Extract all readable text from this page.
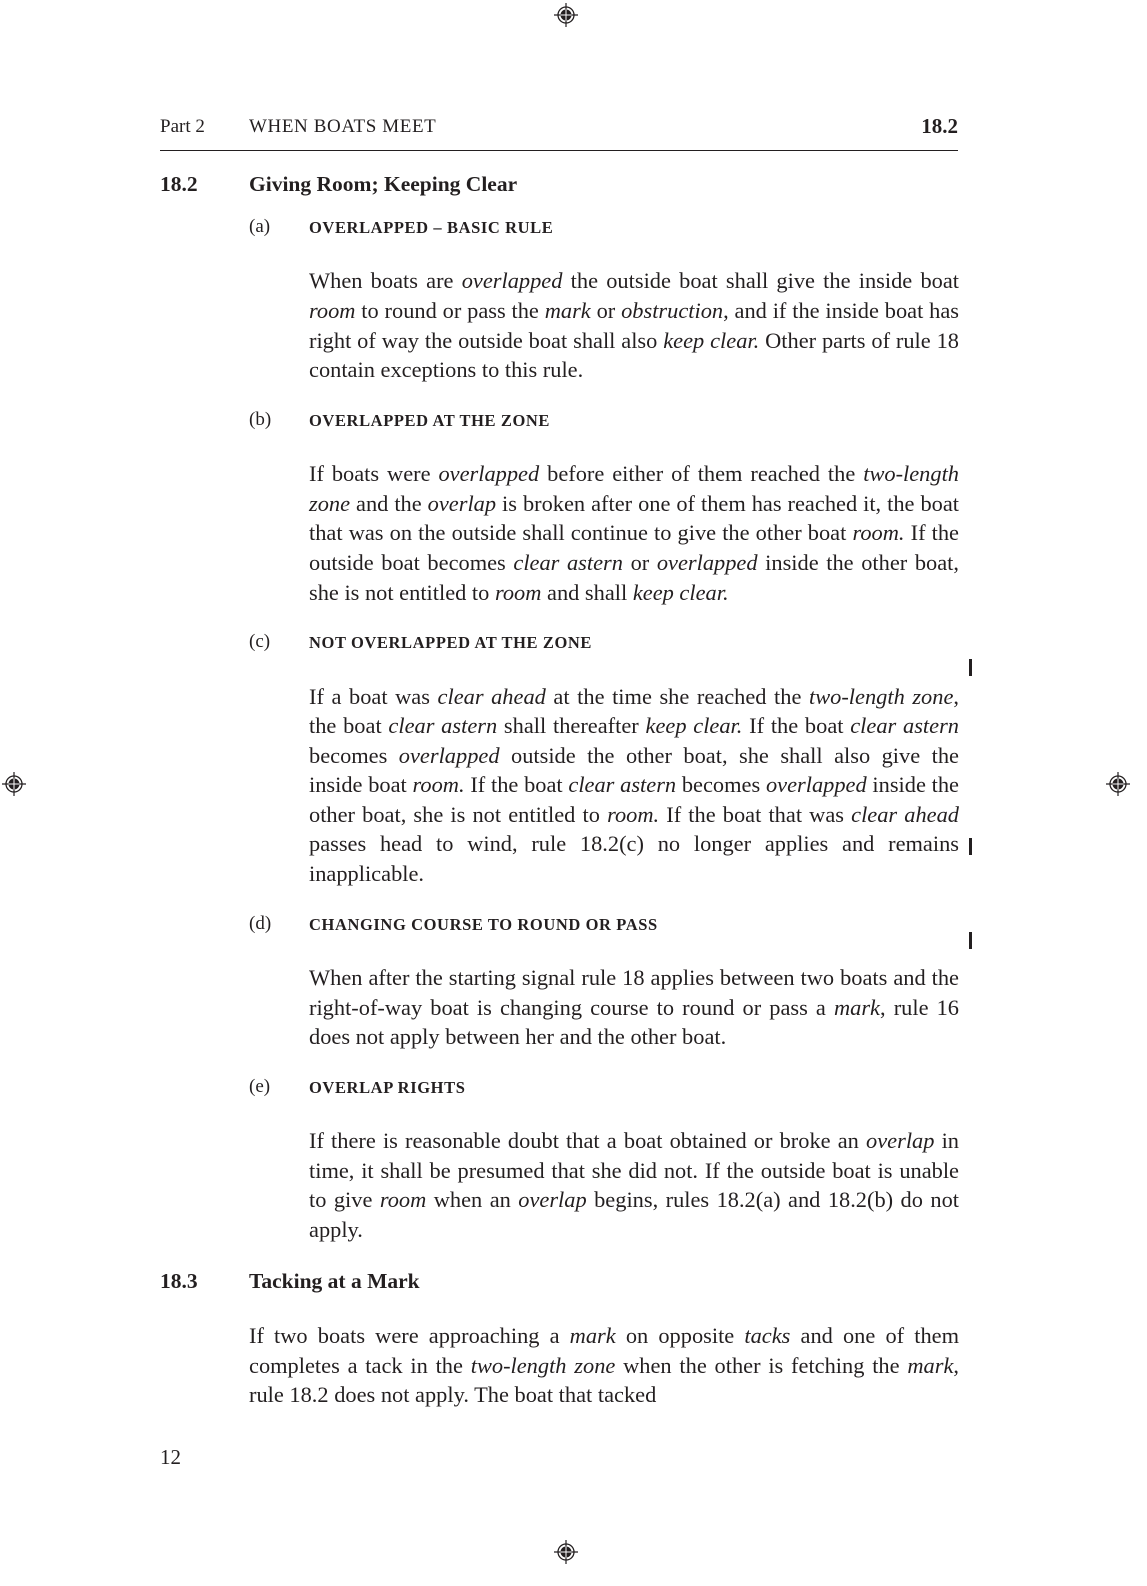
Part 2 WHEN BOATS MEET	18.2
18.2 Giving Room; Keeping Clear
(a) OVERLAPPED – BASIC RULE

When boats are overlapped the outside boat shall give the inside boat room to round or pass the mark or obstruction, and if the inside boat has right of way the outside boat shall also keep clear. Other parts of rule 18 contain exceptions to this rule.

(b) OVERLAPPED AT THE ZONE

If boats were overlapped before either of them reached the two-length zone and the overlap is broken after one of them has reached it, the boat that was on the outside shall continue to give the other boat room. If the outside boat becomes clear astern or overlapped inside the other boat, she is not entitled to room and shall keep clear.

(c) NOT OVERLAPPED AT THE ZONE

If a boat was clear ahead at the time she reached the two-length zone, the boat clear astern shall thereafter keep clear. If the boat clear astern becomes overlapped outside the other boat, she shall also give the inside boat room. If the boat clear astern becomes overlapped inside the other boat, she is not entitled to room. If the boat that was clear ahead passes head to wind, rule 18.2(c) no longer applies and remains inapplicable.

(d) CHANGING COURSE TO ROUND OR PASS

When after the starting signal rule 18 applies between two boats and the right-of-way boat is changing course to round or pass a mark, rule 16 does not apply between her and the other boat.

(e) OVERLAP RIGHTS

If there is reasonable doubt that a boat obtained or broke an overlap in time, it shall be presumed that she did not. If the outside boat is unable to give room when an overlap begins, rules 18.2(a) and 18.2(b) do not apply.

18.3 Tacking at a Mark

If two boats were approaching a mark on opposite tacks and one of them completes a tack in the two-length zone when the other is fetching the mark, rule 18.2 does not apply. The boat that tacked

12
